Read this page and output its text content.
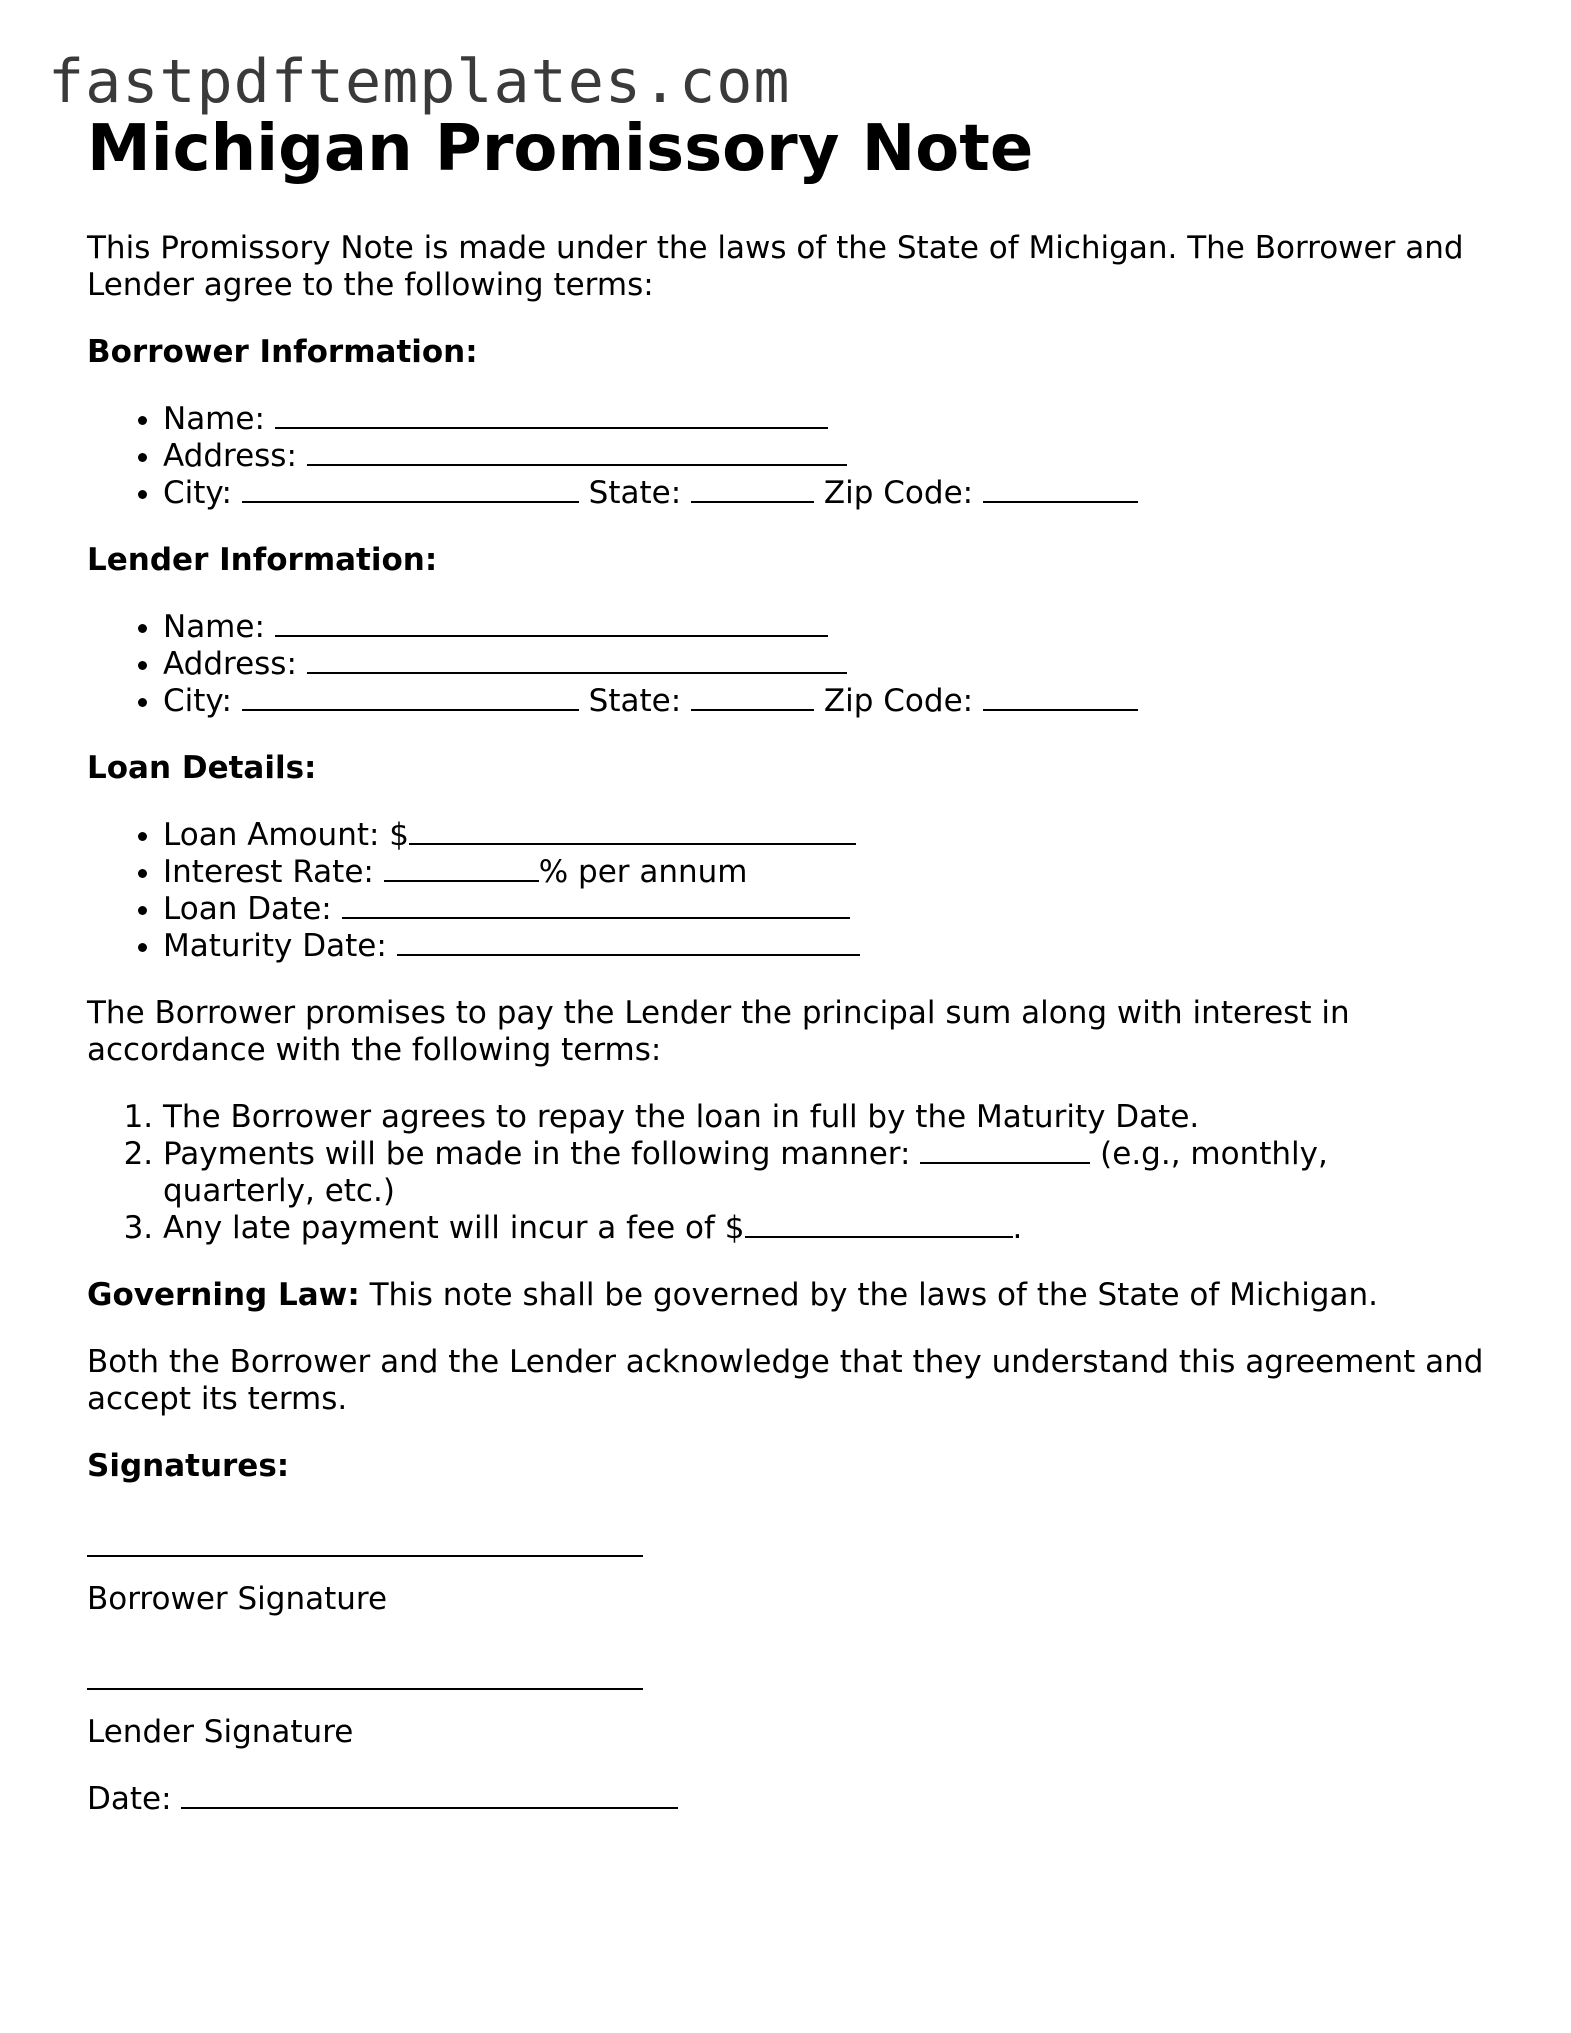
fastpdftemplates.com
Michigan Promissory Note

This Promissory Note is made under the laws of the State of Michigan. The Borrower and Lender agree to the following terms:

Borrower Information:

• Name:
• Address:
• City:	State:	Zip Code:

Lender Information:

• Name:
• Address:
• City:	State:	Zip Code:

Loan Details:

• Loan Amount: $
• Interest Rate:	% per annum
• Loan Date:
• Maturity Date:

The Borrower promises to pay the Lender the principal sum along with interest in accordance with the following terms:

1. The Borrower agrees to repay the loan in full by the Maturity Date.
2. Payments will be made in the following manner:	(e.g., monthly, quarterly, etc.)
3. Any late payment will incur a fee of $	.

Governing Law: This note shall be governed by the laws of the State of Michigan.

Both the Borrower and the Lender acknowledge that they understand this agreement and accept its terms.

Signatures:

Borrower Signature

Lender Signature

Date:
